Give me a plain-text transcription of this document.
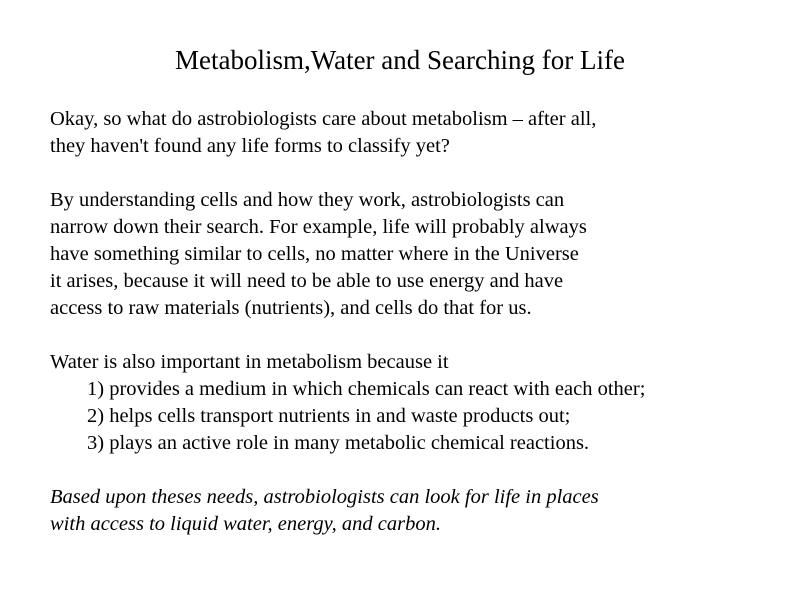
Metabolism,Water and Searching for Life
Okay, so what do astrobiologists care about metabolism – after all,
they haven't found any life forms to classify yet?
By understanding cells and how they work, astrobiologists can
narrow down their search. For example, life will probably always
have something similar to cells, no matter where in the Universe
it arises, because it will need to be able to use energy and have
access to raw materials (nutrients), and cells do that for us.
Water is also important in metabolism because it
1) provides a medium in which chemicals can react with each other;
2) helps cells transport nutrients in and waste products out;
3) plays an active role in many metabolic chemical reactions.
Based upon theses needs, astrobiologists can look for life in places
with access to liquid water, energy, and carbon.
